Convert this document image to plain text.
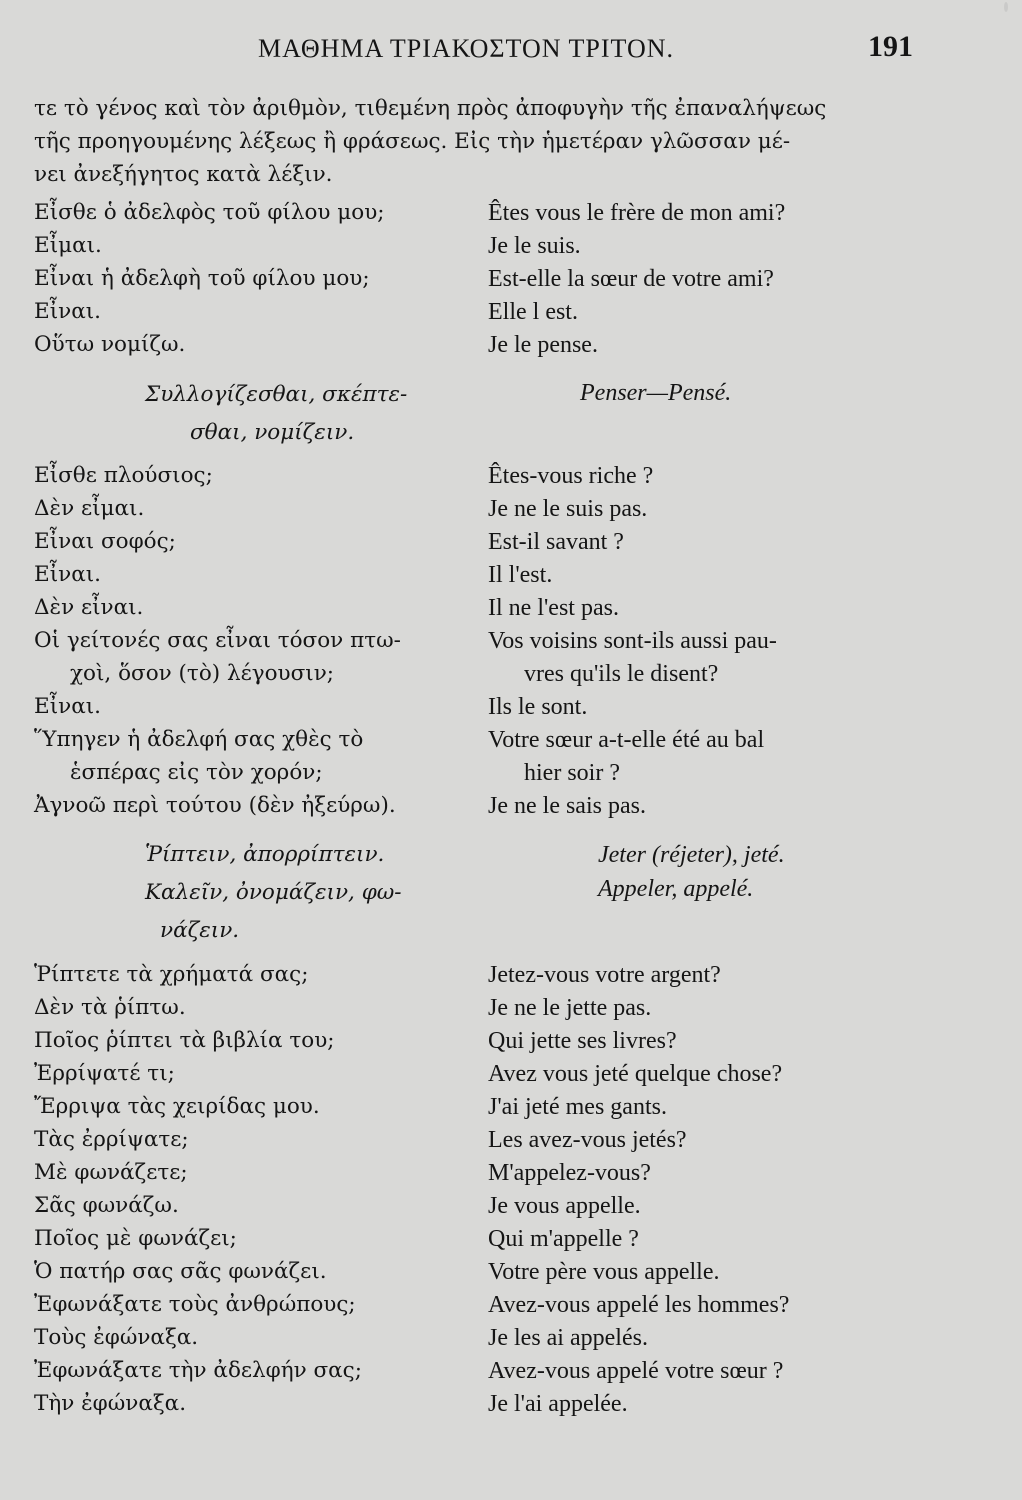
ΜΑΘΗΜΑ ΤΡΙΑΚΟΣΤΟΝ ΤΡΙΤΟΝ.	191
τε τὸ γένος καὶ τὸν ἀριθμὸν, τιθεμένη πρὸς ἀποφυγὴν τῆς ἐπαναλήψεως
τῆς προηγουμένης λέξεως ἢ φράσεως. Εἰς τὴν ἡμετέραν γλῶσσαν μέ-
νει ἀνεξήγητος κατὰ λέξιν.
Εἶσθε ὁ ἀδελφὸς τοῦ φίλου μου;	Êtes vous le frère de mon ami?
Εἶμαι.	Je le suis.
Εἶναι ἡ ἀδελφὴ τοῦ φίλου μου;	Est-elle la sœur de votre ami?
Εἶναι.	Elle l est.
Οὕτω νομίζω.	Je le pense.
Συλλογίζεσθαι, σκέπτε-
σθαι, νομίζειν.
Penser—Pensé.
Εἶσθε πλούσιος;	Êtes-vous riche ?
Δὲν εἶμαι.	Je ne le suis pas.
Εἶναι σοφός;	Est-il savant ?
Εἶναι.	Il l'est.
Δὲν εἶναι.	Il ne l'est pas.
Οἱ γείτονές σας εἶναι τόσον πτω-	Vos voisins sont-ils aussi pau-
χοὶ, ὅσον (τὸ) λέγουσιν;	vres qu'ils le disent?
Εἶναι.	Ils le sont.
Ὕπηγεν ἡ ἀδελφή σας χθὲς τὸ	Votre sœur a-t-elle été au bal
ἑσπέρας εἰς τὸν χορόν;	hier soir ?
Ἀγνοῶ περὶ τούτου (δὲν ἠξεύρω).	Je ne le sais pas.
Ῥίπτειν, ἀπορρίπτειν.
Καλεῖν, ὀνομάζειν, φω-
νάζειν.
Jeter (réjeter), jeté.
Appeler, appelé.
Ῥίπτετε τὰ χρήματά σας;	Jetez-vous votre argent?
Δὲν τὰ ῥίπτω.	Je ne le jette pas.
Ποῖος ῥίπτει τὰ βιβλία του;	Qui jette ses livres?
Ἐρρίψατέ τι;	Avez vous jeté quelque chose?
Ἔρριψα τὰς χειρίδας μου.	J'ai jeté mes gants.
Τὰς ἐρρίψατε;	Les avez-vous jetés?
Μὲ φωνάζετε;	M'appelez-vous?
Σᾶς φωνάζω.	Je vous appelle.
Ποῖος μὲ φωνάζει;	Qui m'appelle ?
Ὁ πατήρ σας σᾶς φωνάζει.	Votre père vous appelle.
Ἐφωνάξατε τοὺς ἀνθρώπους;	Avez-vous appelé les hommes?
Τοὺς ἐφώναξα.	Je les ai appelés.
Ἐφωνάξατε τὴν ἀδελφήν σας;	Avez-vous appelé votre sœur ?
Τὴν ἐφώναξα.	Je l'ai appelée.
